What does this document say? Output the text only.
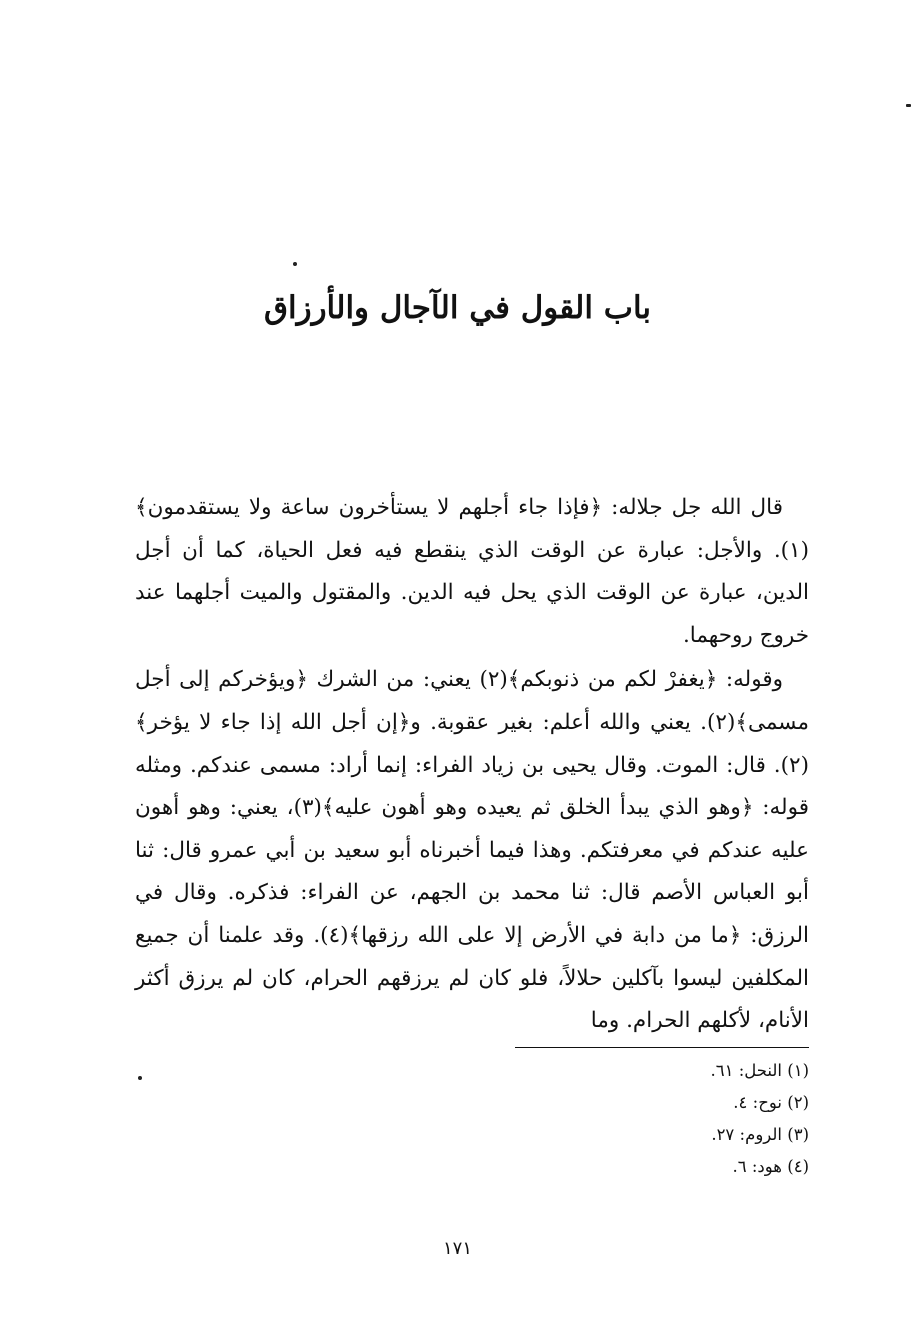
باب القول في الآجال والأرزاق

قال الله جل جلاله: ﴿فإذا جاء أجلهم لا يستأخرون ساعة ولا يستقدمون﴾(١). والأجل: عبارة عن الوقت الذي ينقطع فيه فعل الحياة، كما أن أجل الدين، عبارة عن الوقت الذي يحل فيه الدين. والمقتول والميت أجلهما عند خروج روحهما.

وقوله: ﴿يغفرْ لكم من ذنوبكم﴾(٢) يعني: من الشرك ﴿ويؤخركم إلى أجل مسمى﴾(٢). يعني والله أعلم: بغير عقوبة. و﴿إن أجل الله إذا جاء لا يؤخر﴾(٢). قال: الموت. وقال يحيى بن زياد الفراء: إنما أراد: مسمى عندكم. ومثله قوله: ﴿وهو الذي يبدأ الخلق ثم يعيده وهو أهون عليه﴾(٣)، يعني: وهو أهون عليه عندكم في معرفتكم. وهذا فيما أخبرناه أبو سعيد بن أبي عمرو قال: ثنا أبو العباس الأصم قال: ثنا محمد بن الجهم، عن الفراء: فذكره. وقال في الرزق: ﴿ما من دابة في الأرض إلا على الله رزقها﴾(٤). وقد علمنا أن جميع المكلفين ليسوا بآكلين حلالاً، فلو كان لم يرزقهم الحرام، كان لم يرزق أكثر الأنام، لأكلهم الحرام. وما

(١) النحل: ٦١.
(٢) نوح: ٤.
(٣) الروم: ٢٧.
(٤) هود: ٦.
١٧١
